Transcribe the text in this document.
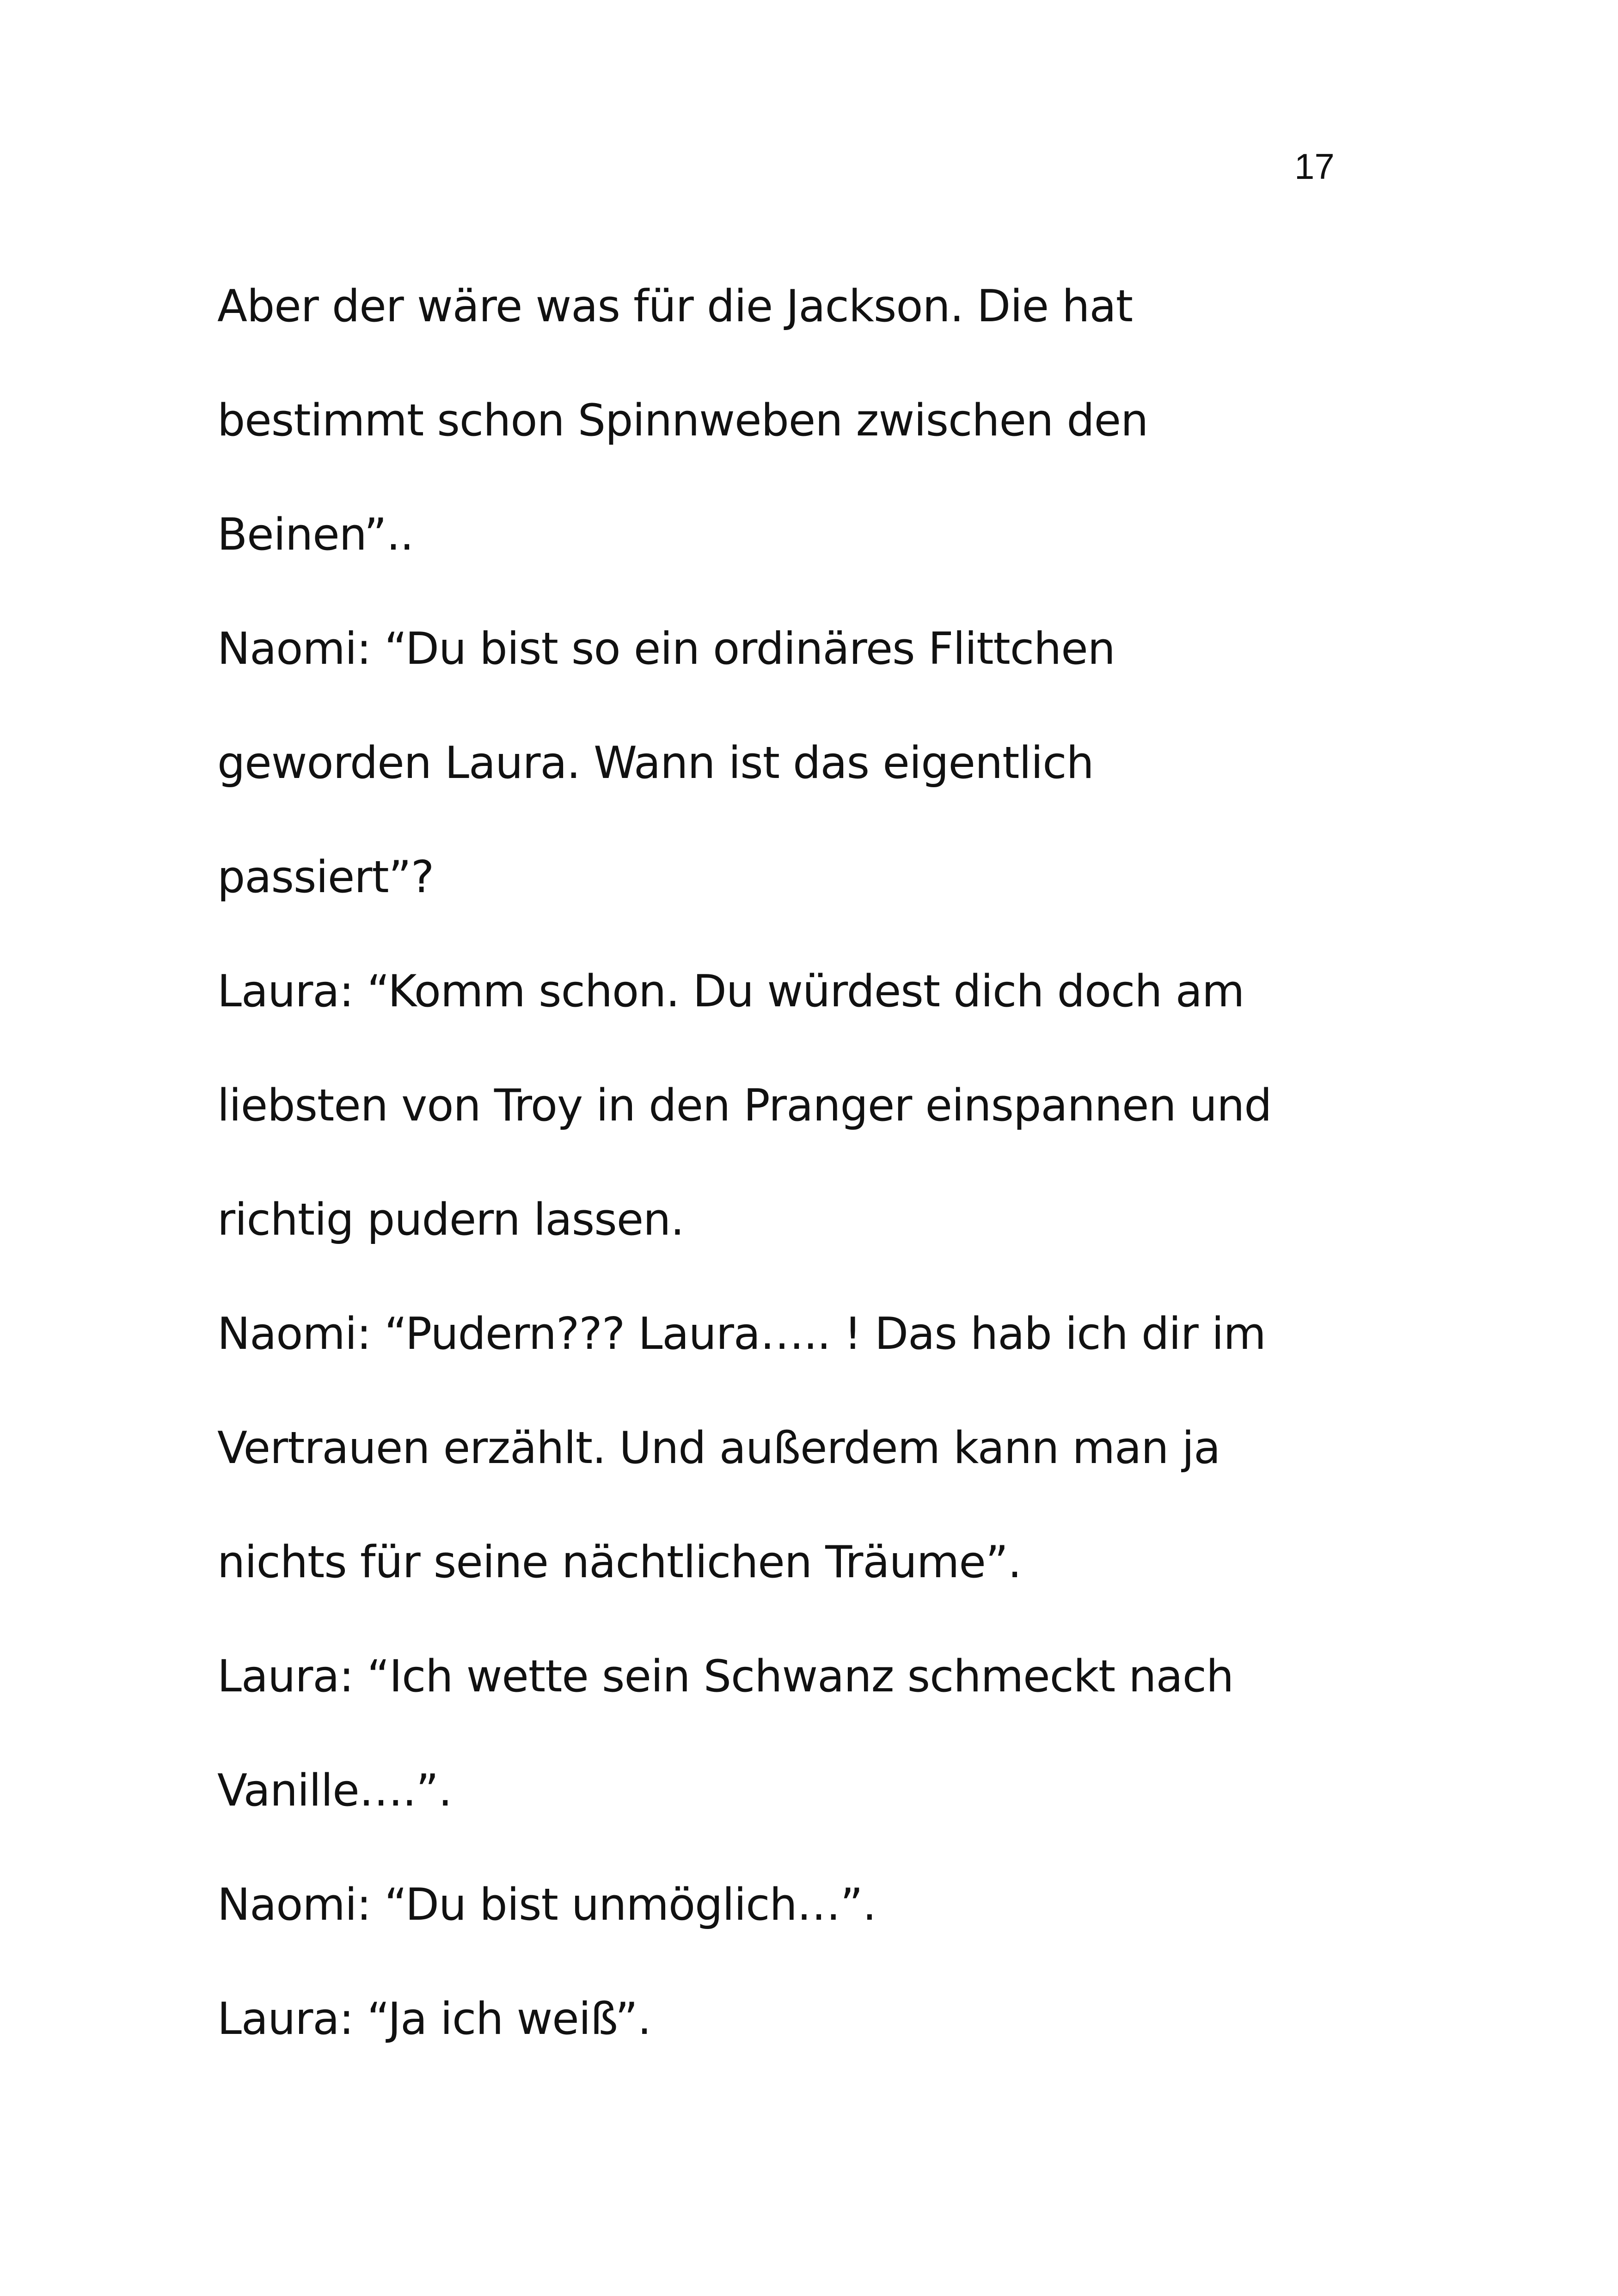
17
Aber der wäre was für die Jackson. Die hat
bestimmt schon Spinnweben zwischen den
Beinen”..
Naomi: “Du bist so ein ordinäres Flittchen
geworden Laura. Wann ist das eigentlich
passiert”?
Laura: “Komm schon. Du würdest dich doch am
liebsten von Troy in den Pranger einspannen und
richtig pudern lassen.
Naomi: “Pudern??? Laura….. ! Das hab ich dir im
Vertrauen erzählt. Und außerdem kann man ja
nichts für seine nächtlichen Träume”.
Laura: “Ich wette sein Schwanz schmeckt nach
Vanille….”.
Naomi: “Du bist unmöglich…”.
Laura: “Ja ich weiß”.
